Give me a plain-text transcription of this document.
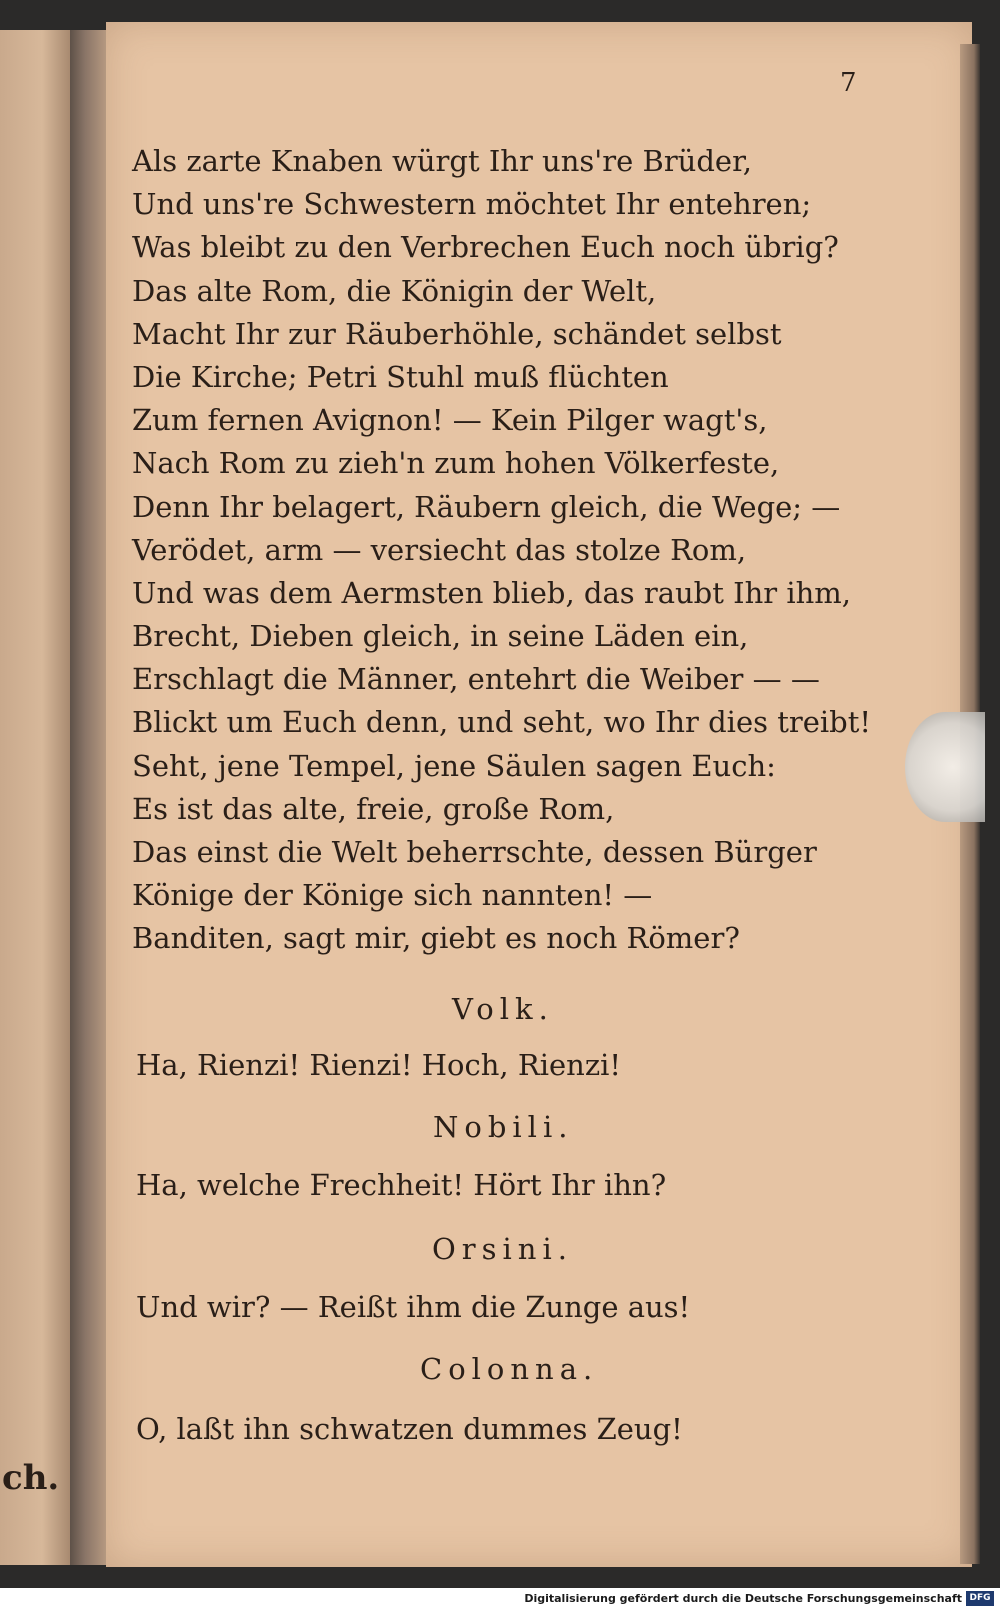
ch.
7
Als zarte Knaben würgt Ihr uns're Brüder,
Und uns're Schwestern möchtet Ihr entehren;
Was bleibt zu den Verbrechen Euch noch übrig?
Das alte Rom, die Königin der Welt,
Macht Ihr zur Räuberhöhle, schändet selbst
Die Kirche; Petri Stuhl muß flüchten
Zum fernen Avignon! — Kein Pilger wagt's,
Nach Rom zu zieh'n zum hohen Völkerfeste,
Denn Ihr belagert, Räubern gleich, die Wege; —
Verödet, arm — versiecht das stolze Rom,
Und was dem Aermsten blieb, das raubt Ihr ihm,
Brecht, Dieben gleich, in seine Läden ein,
Erschlagt die Männer, entehrt die Weiber — —
Blickt um Euch denn, und seht, wo Ihr dies treibt!
Seht, jene Tempel, jene Säulen sagen Euch:
Es ist das alte, freie, große Rom,
Das einst die Welt beherrschte, dessen Bürger
Könige der Könige sich nannten! —
Banditen, sagt mir, giebt es noch Römer?
Volk.
Ha, Rienzi! Rienzi! Hoch, Rienzi!
Nobili.
Ha, welche Frechheit! Hört Ihr ihn?
Orsini.
Und wir? — Reißt ihm die Zunge aus!
Colonna.
O, laßt ihn schwatzen dummes Zeug!
Digitalisierung gefördert durch die Deutsche Forschungsgemeinschaft DFG
